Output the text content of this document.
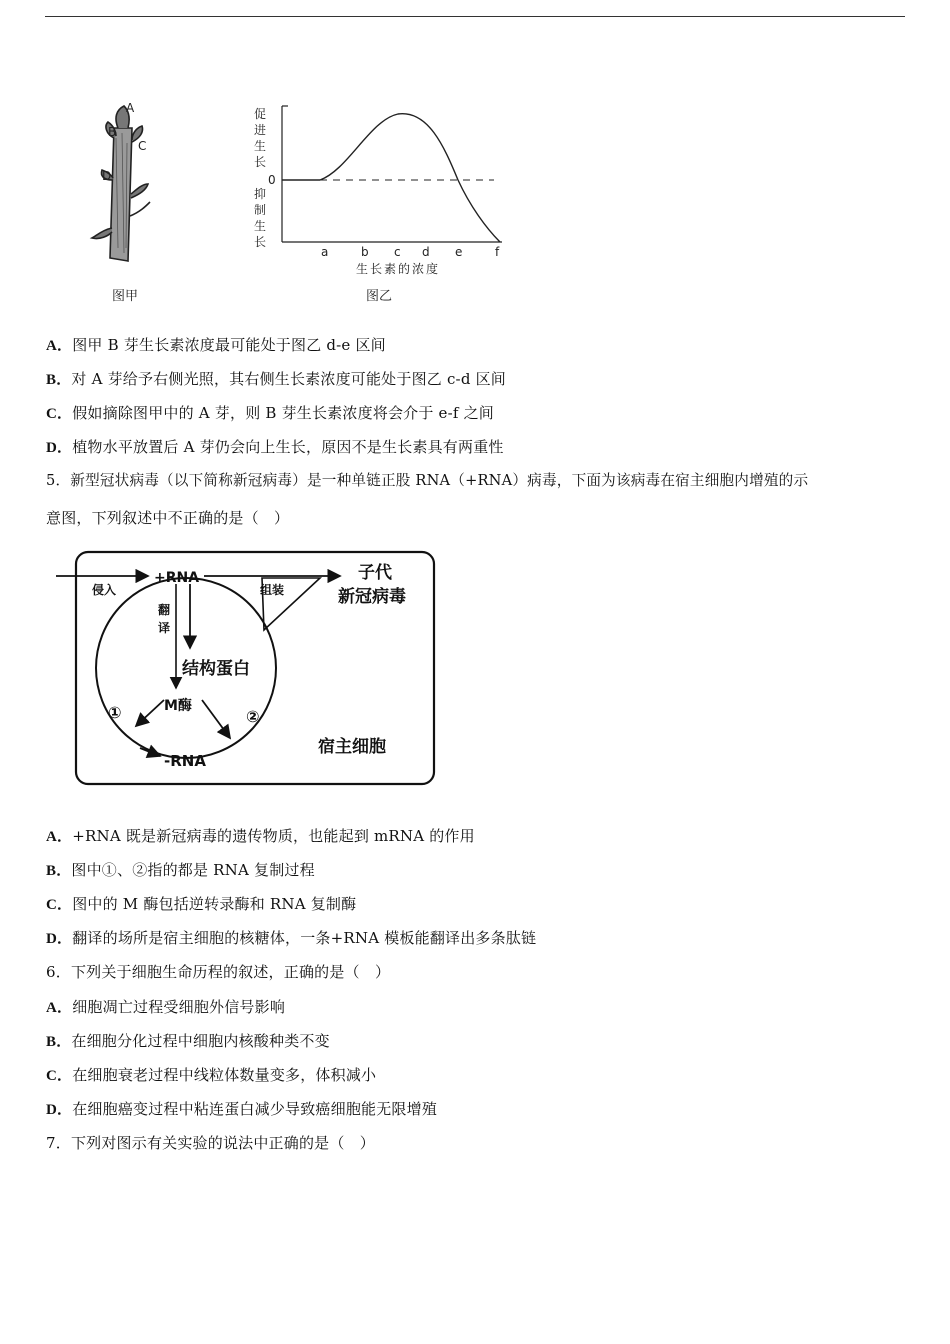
A
B
C
D
图甲
促
进
生
长
0
抑
制
生
长
a	b c d e	f
生长素的浓度
图乙
A．图甲 B 芽生长素浓度最可能处于图乙 d-e 区间
B．对 A 芽给予右侧光照，其右侧生长素浓度可能处于图乙 c-d 区间
C．假如摘除图甲中的 A 芽，则 B 芽生长素浓度将会介于 e-f 之间
D．植物水平放置后 A 芽仍会向上生长，原因不是生长素具有两重性
5．新型冠状病毒（以下简称新冠病毒）是一种单链正股 RNA（+RNA）病毒，下面为该病毒在宿主细胞内增殖的示
意图，下列叙述中不正确的是（　）
侵入
+RNA
组装
子代
新冠病毒
翻
译
结构蛋白
M酶
①	②
-RNA
宿主细胞
A．+RNA 既是新冠病毒的遗传物质，也能起到 mRNA 的作用
B．图中①、②指的都是 RNA 复制过程
C．图中的 M 酶包括逆转录酶和 RNA 复制酶
D．翻译的场所是宿主细胞的核糖体，一条+RNA 模板能翻译出多条肽链
6．下列关于细胞生命历程的叙述，正确的是（　）
A．细胞凋亡过程受细胞外信号影响
B．在细胞分化过程中细胞内核酸种类不变
C．在细胞衰老过程中线粒体数量变多，体积减小
D．在细胞癌变过程中粘连蛋白减少导致癌细胞能无限增殖
7．下列对图示有关实验的说法中正确的是（　）
